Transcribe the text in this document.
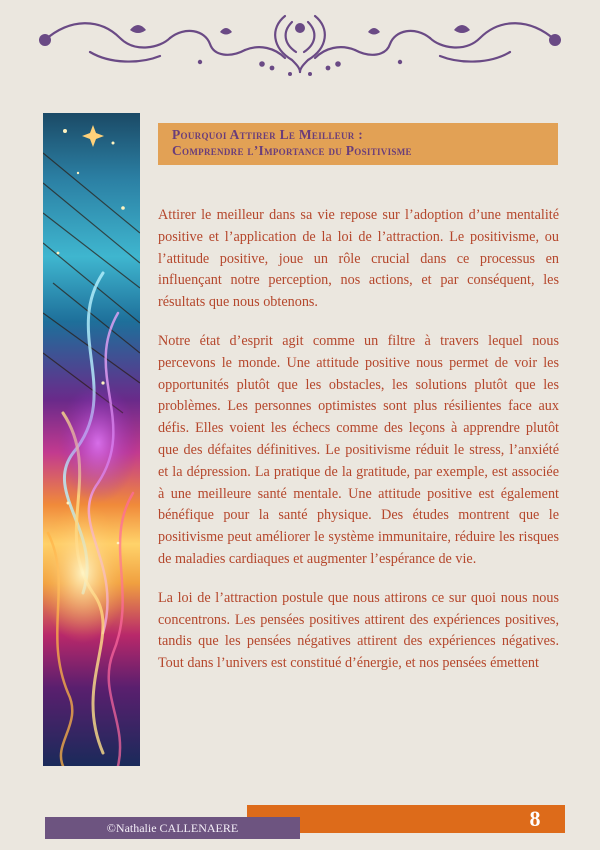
Pourquoi Attirer Le Meilleur :
Comprendre l’Importance du Positivisme

Attirer le meilleur dans sa vie repose sur l’adoption d’une mentalité positive et l’application de la loi de l’attraction. Le positivisme, ou l’attitude positive, joue un rôle crucial dans ce processus en influençant notre perception, nos actions, et par conséquent, les résultats que nous obtenons.

Notre état d’esprit agit comme un filtre à travers lequel nous percevons le monde. Une attitude positive nous permet de voir les opportunités plutôt que les obstacles, les solutions plutôt que les problèmes. Les personnes optimistes sont plus résilientes face aux défis. Elles voient les échecs comme des leçons à apprendre plutôt que des défaites définitives. Le positivisme réduit le stress, l’anxiété et la dépression. La pratique de la gratitude, par exemple, est associée à une meilleure santé mentale. Une attitude positive est également bénéfique pour la santé physique. Des études montrent que le positivisme peut améliorer le système immunitaire, réduire les risques de maladies cardiaques et augmenter l’espérance de vie.

La loi de l’attraction postule que nous attirons ce sur quoi nous nous concentrons. Les pensées positives attirent des expériences positives, tandis que les pensées négatives attirent des expériences négatives. Tout dans l’univers est constitué d’énergie, et nos pensées émettent

8
©Nathalie CALLENAERE
